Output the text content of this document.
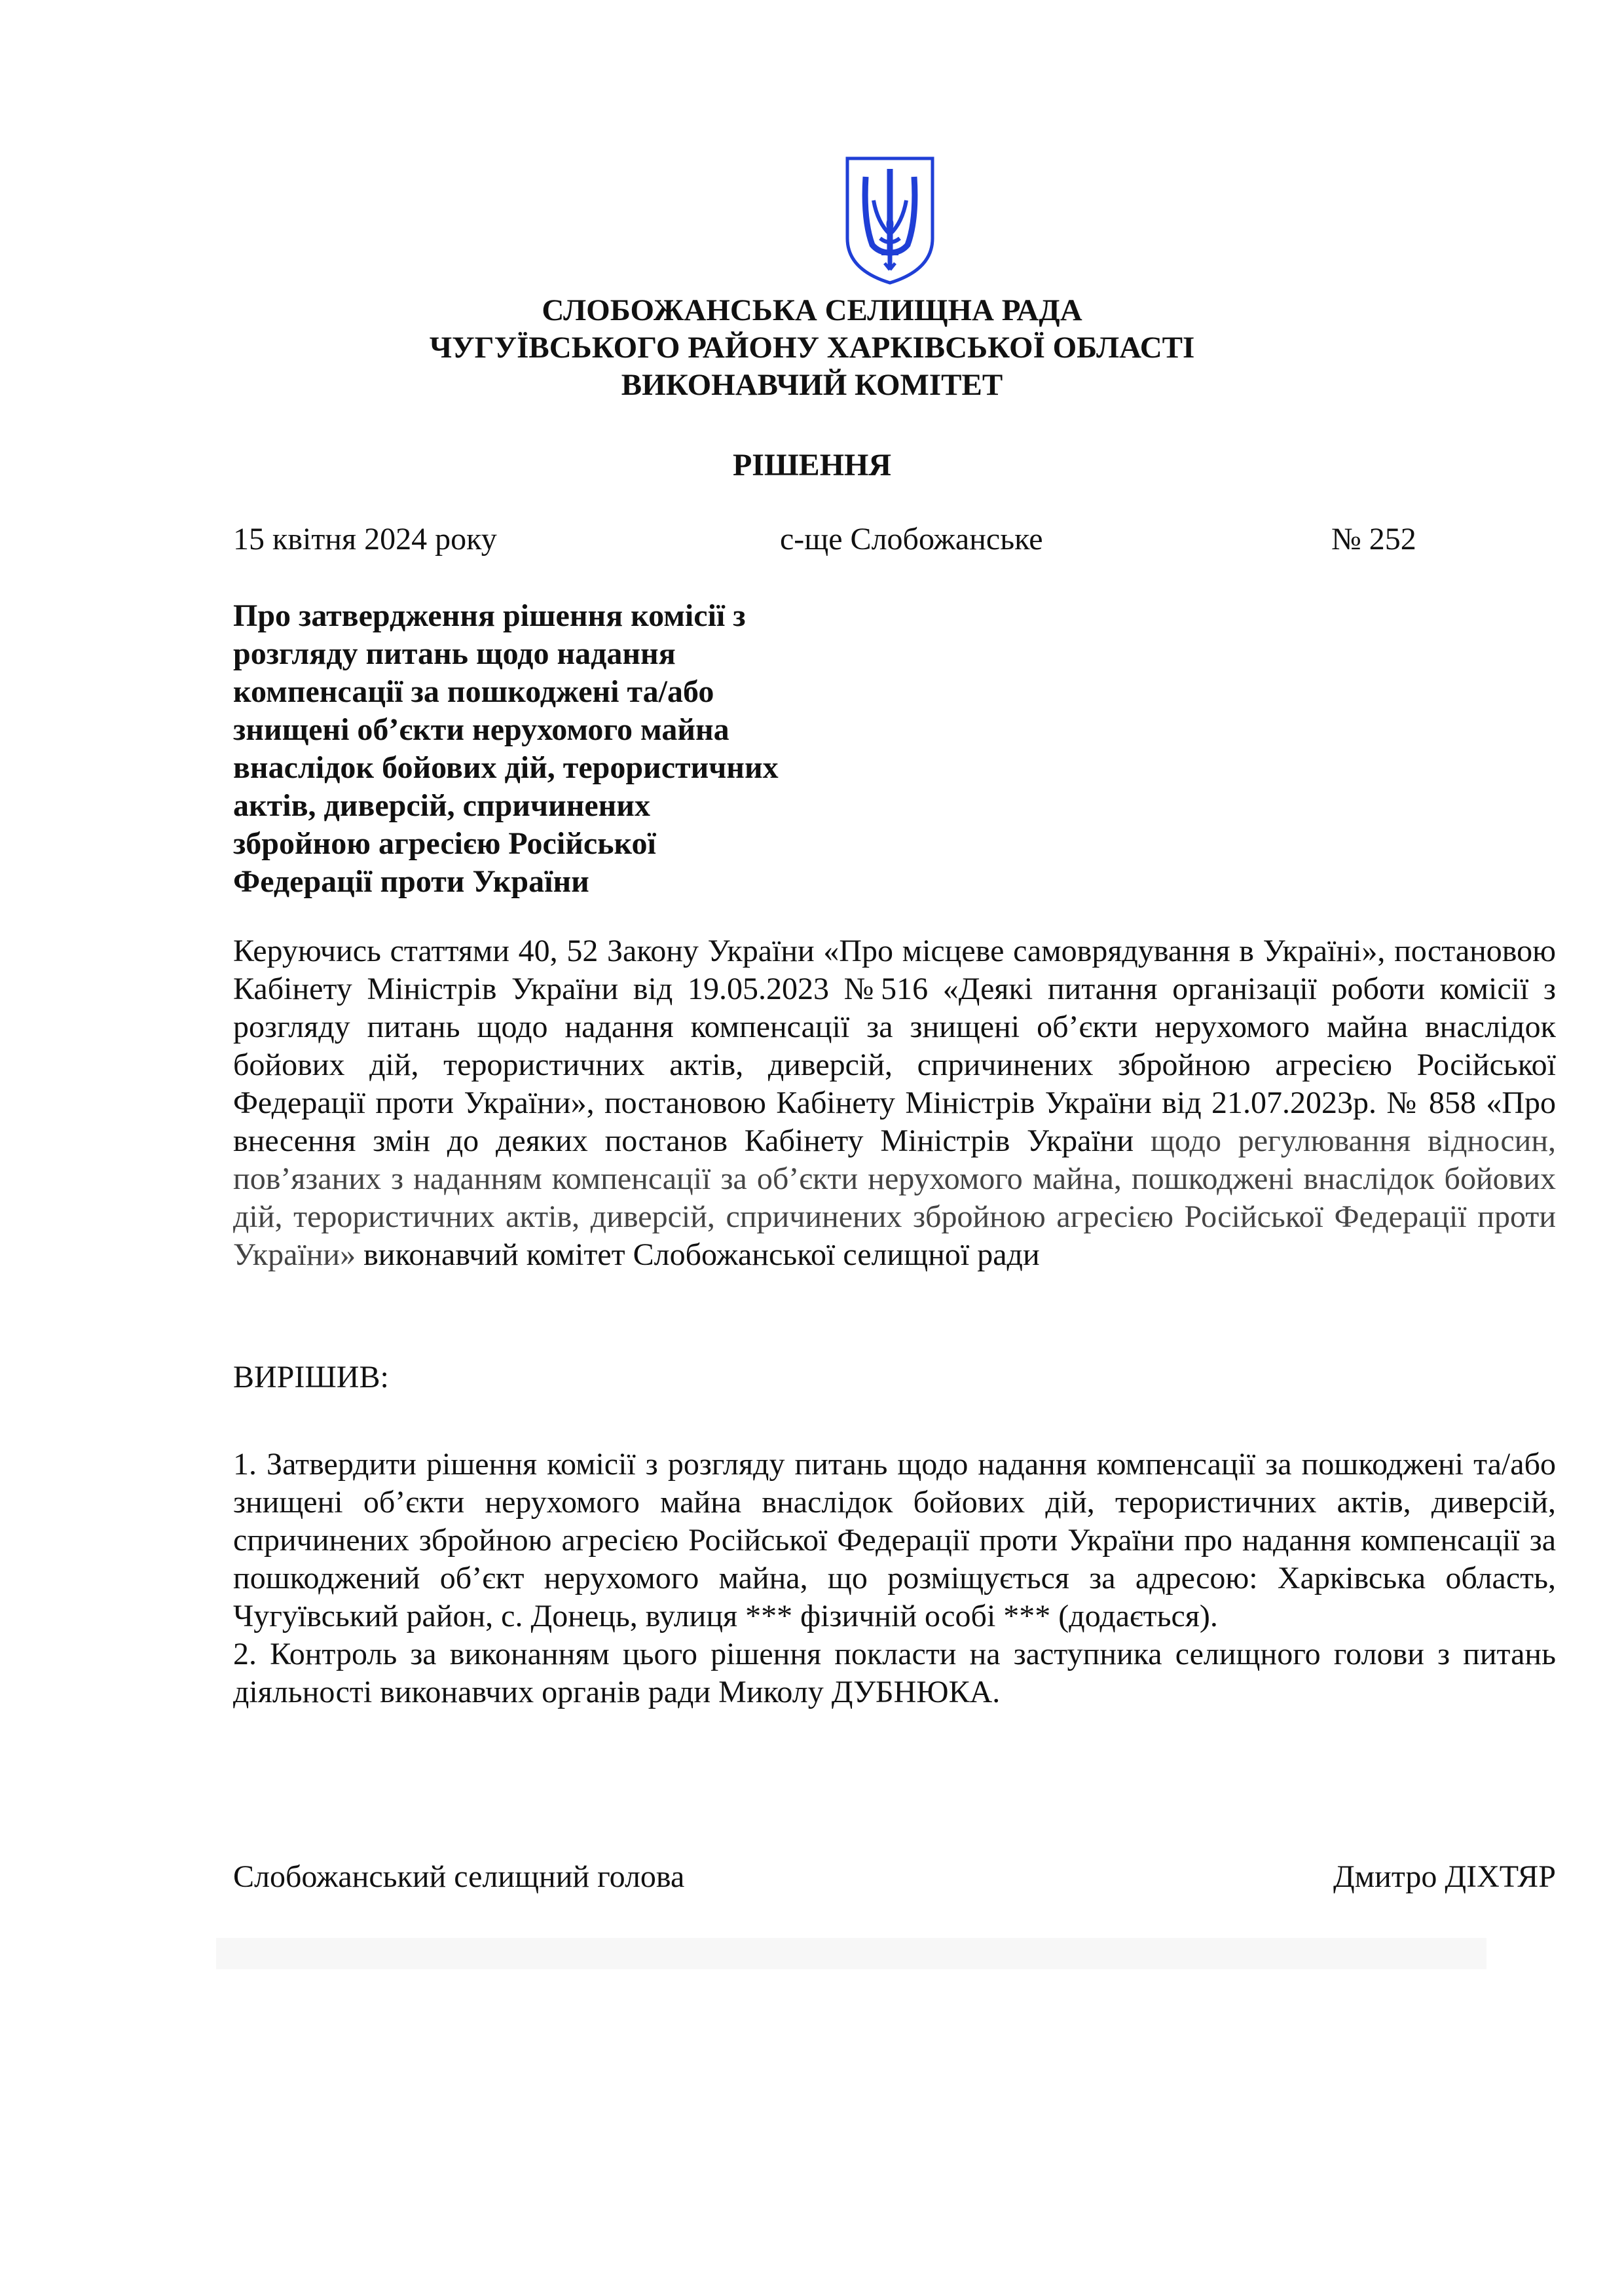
СЛОБОЖАНСЬКА СЕЛИЩНА РАДА
ЧУГУЇВСЬКОГО РАЙОНУ ХАРКІВСЬКОЇ ОБЛАСТІ
ВИКОНАВЧИЙ КОМІТЕТ
РІШЕННЯ
15 квітня 2024 року	с-ще Слобожанське	№ 252
Про затвердження рішення комісії з
розгляду питань щодо надання
компенсації за пошкоджені та/або
знищені об’єкти нерухомого майна
внаслідок бойових дій, терористичних
актів, диверсій, спричинених
збройною агресією Російської
Федерації проти України
Керуючись статтями 40, 52 Закону України «Про місцеве самоврядування в Україні», постановою Кабінету Міністрів України від 19.05.2023 №516 «Деякі питання організації роботи комісії з розгляду питань щодо надання компенсації за знищені об’єкти нерухомого майна внаслідок бойових дій, терористичних актів, диверсій, спричинених збройною агресією Російської Федерації проти України», постановою Кабінету Міністрів України від 21.07.2023р. № 858 «Про внесення змін до деяких постанов Кабінету Міністрів України щодо регулювання відносин, пов’язаних з наданням компенсації за об’єкти нерухомого майна, пошкоджені внаслідок бойових дій, терористичних актів, диверсій, спричинених збройною агресією Російської Федерації проти України» виконавчий комітет Слобожанської селищної ради
ВИРІШИВ:

1. Затвердити рішення комісії з розгляду питань щодо надання компенсації за пошкоджені та/або знищені об’єкти нерухомого майна внаслідок бойових дій, терористичних актів, диверсій, спричинених збройною агресією Російської Федерації проти України про надання компенсації за пошкоджений об’єкт нерухомого майна, що розміщується за адресою: Харківська область, Чугуївський район, с. Донець, вулиця *** фізичній особі *** (додається).

2. Контроль за виконанням цього рішення покласти на заступника селищного голови з питань діяльності виконавчих органів ради Миколу ДУБНЮКА.

Слобожанський селищний голова	Дмитро ДІХТЯР
